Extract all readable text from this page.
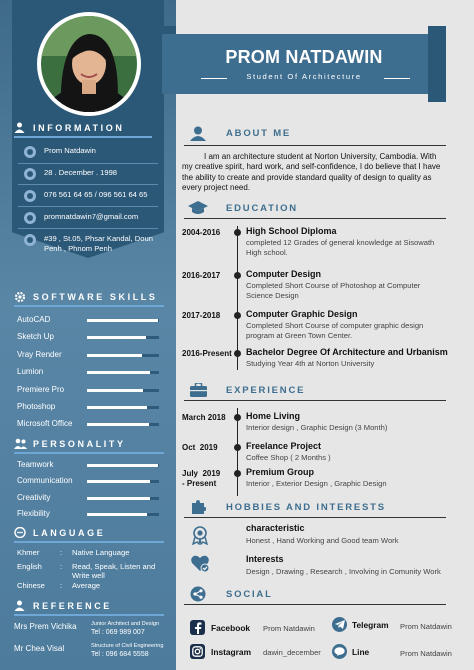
INFORMATION
Prom Natdawin
28 . December . 1998
076 561 64 65 / 096 561 64 65
promnatdawin7@gmail.com
#39 , St.05, Phsar Kandal, Doun Penh , Phnom Penh
SOFTWARE SKILLS
AutoCAD
Sketch Up
Vray Render
Lumion
Premiere Pro
Photoshop
Microsoft Office
PERSONALITY
Teamwork
Communication
Creativity
Flexibility
LANGUAGE
Khmer	:	Native Language
English	:	Read, Speak, Listen and Write well
Chinese	:	Average
REFERENCE
Mrs Prem Vichika	Junior Architect and Design
Tel : 069 989 007
Mr Chea Visal	Structure of Civil Engineering
Tel : 096 684 5558
PROM NATDAWIN
Student Of Architecture
ABOUT ME
I am an architecture student at Norton University, Cambodia. With my creative spirit, hard work, and self-confidence, I do believe that I have the ability to create and provide standard quality of design to quality as every project need.
EDUCATION
2004-2016	High School Diploma
completed 12 Grades of general knowledge at Sisowath High school.
2016-2017	Computer Design
Completed Short Course of Photoshop at Computer Science Design
2017-2018	Computer Graphic Design
Completed Short Course of computer graphic design program at Green Town Center.
2016-Present Bachelor Degree Of Architecture and Urbanism
Studying Year 4th at Norton University
EXPERIENCE
March 2018 Home Living
Interior design , Graphic Design (3 Month)
Oct  2019	Freelance Project
Coffee Shop ( 2 Months )
July  2019
- Present
Premium Group
Interior , Exterior Design , Graphic Design
HOBBIES AND INTERESTS
characteristic
Honest , Hand Working and Good team Work
Interests
Design , Drawing , Research , Involving in Comunity Work
SOCIAL
Facebook Prom Natdawin	Telegram Prom Natdawin
Instagram dawin_december	Line	Prom Natdawin
